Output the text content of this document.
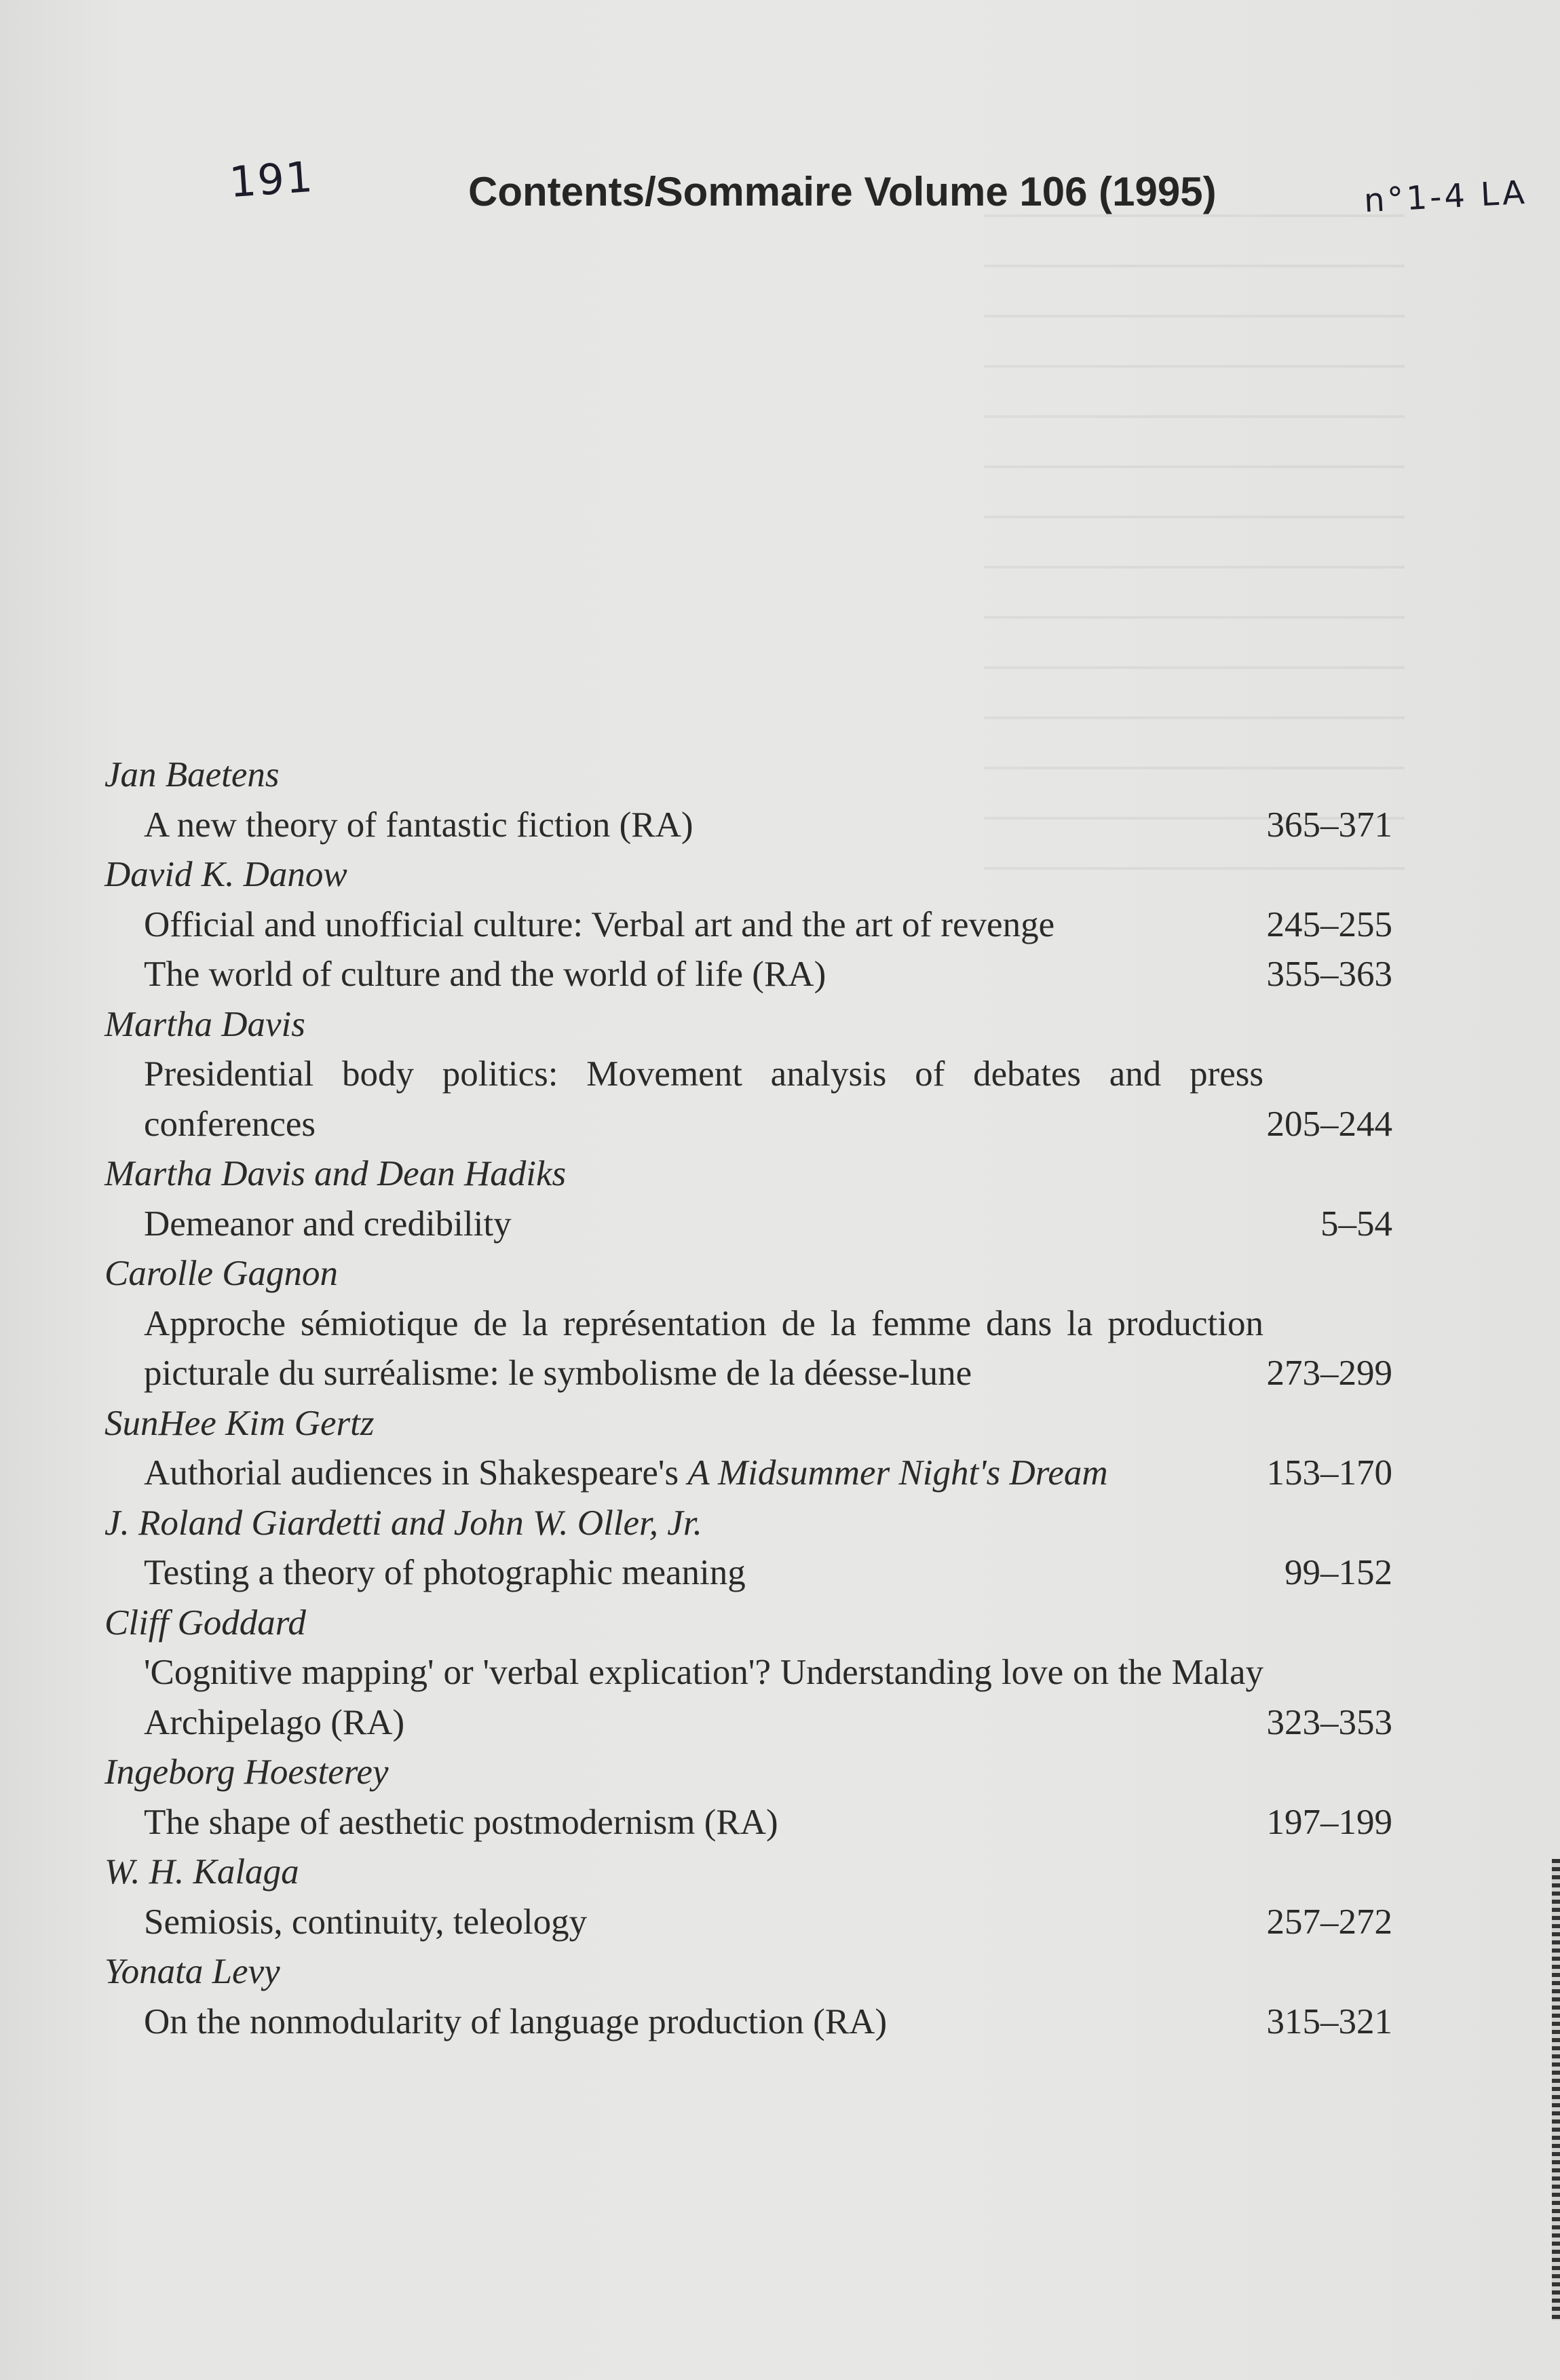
191	Contents/Sommaire Volume 106 (1995)	n°1-4 LA
Jan Baetens
A new theory of fantastic fiction (RA)	365–371
David K. Danow
Official and unofficial culture: Verbal art and the art of revenge	245–255
The world of culture and the world of life (RA)	355–363
Martha Davis
Presidential body politics: Movement analysis of debates and press conferences	205–244
Martha Davis and Dean Hadiks
Demeanor and credibility	5–54
Carolle Gagnon
Approche sémiotique de la représentation de la femme dans la production picturale du surréalisme: le symbolisme de la déesse-lune	273–299
SunHee Kim Gertz
Authorial audiences in Shakespeare's A Midsummer Night's Dream	153–170
J. Roland Giardetti and John W. Oller, Jr.
Testing a theory of photographic meaning	99–152
Cliff Goddard
'Cognitive mapping' or 'verbal explication'? Understanding love on the Malay Archipelago (RA)	323–353
Ingeborg Hoesterey
The shape of aesthetic postmodernism (RA)	197–199
W. H. Kalaga
Semiosis, continuity, teleology	257–272
Yonata Levy
On the nonmodularity of language production (RA)	315–321
